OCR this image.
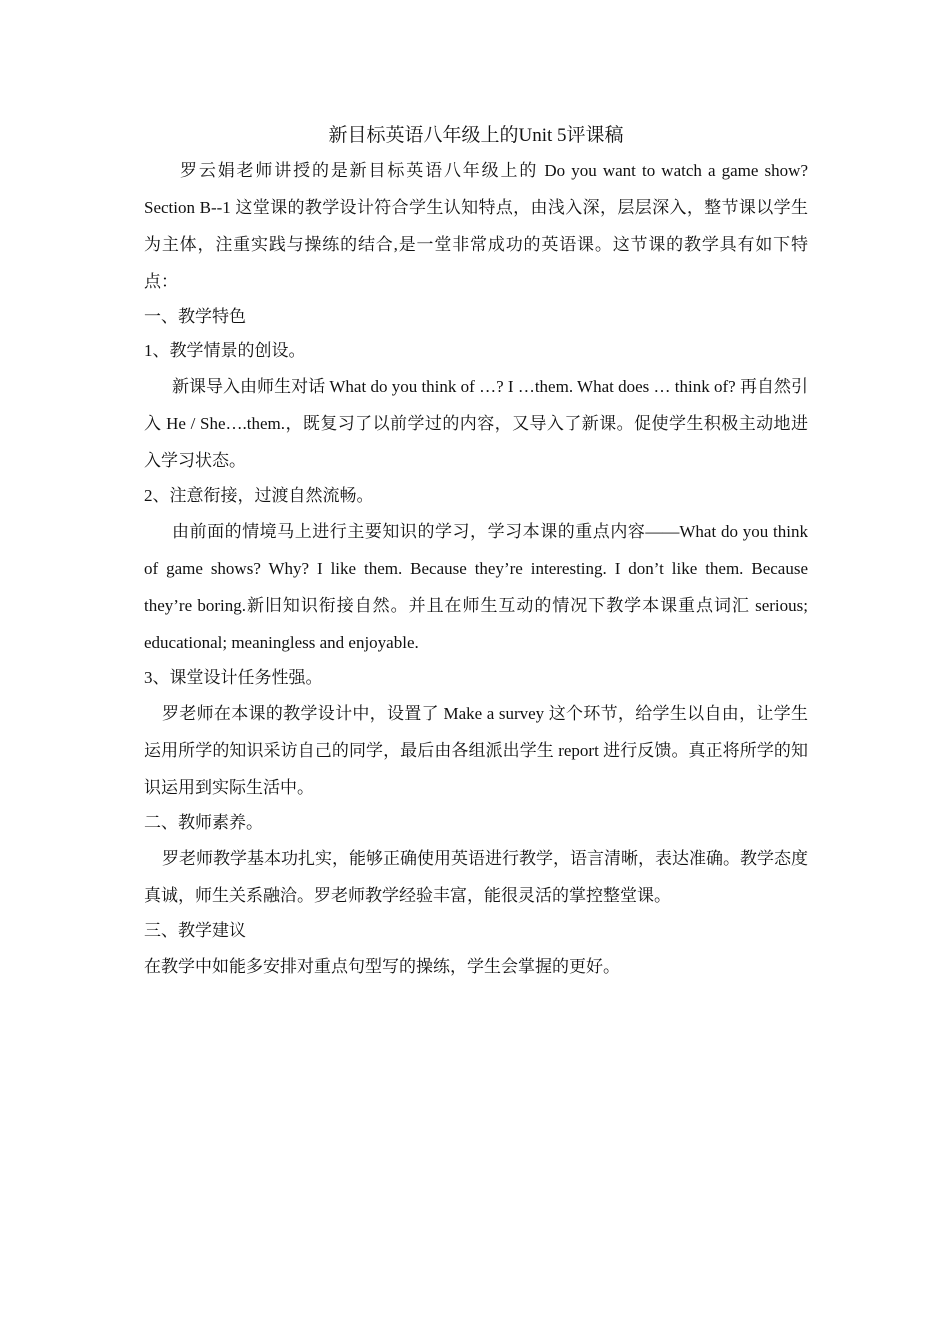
新目标英语八年级上的Unit 5评课稿

罗云娟老师讲授的是新目标英语八年级上的 Do you want to watch a game show? Section B--1 这堂课的教学设计符合学生认知特点，由浅入深，层层深入，整节课以学生为主体，注重实践与操练的结合,是一堂非常成功的英语课。这节课的教学具有如下特点：

一、教学特色

1、教学情景的创设。

新课导入由师生对话 What do you think of …? I …them. What does … think of? 再自然引入 He / She….them.，既复习了以前学过的内容，又导入了新课。促使学生积极主动地进入学习状态。

2、注意衔接，过渡自然流畅。

由前面的情境马上进行主要知识的学习，学习本课的重点内容——What do you think of game shows? Why? I like them. Because they’re interesting. I don’t like them. Because they’re boring.新旧知识衔接自然。并且在师生互动的情况下教学本课重点词汇 serious; educational; meaningless and enjoyable.

3、课堂设计任务性强。

罗老师在本课的教学设计中，设置了 Make a survey 这个环节，给学生以自由，让学生运用所学的知识采访自己的同学，最后由各组派出学生 report 进行反馈。真正将所学的知识运用到实际生活中。

二、教师素养。

罗老师教学基本功扎实，能够正确使用英语进行教学，语言清晰，表达准确。教学态度真诚，师生关系融洽。罗老师教学经验丰富，能很灵活的掌控整堂课。

三、教学建议

在教学中如能多安排对重点句型写的操练，学生会掌握的更好。
